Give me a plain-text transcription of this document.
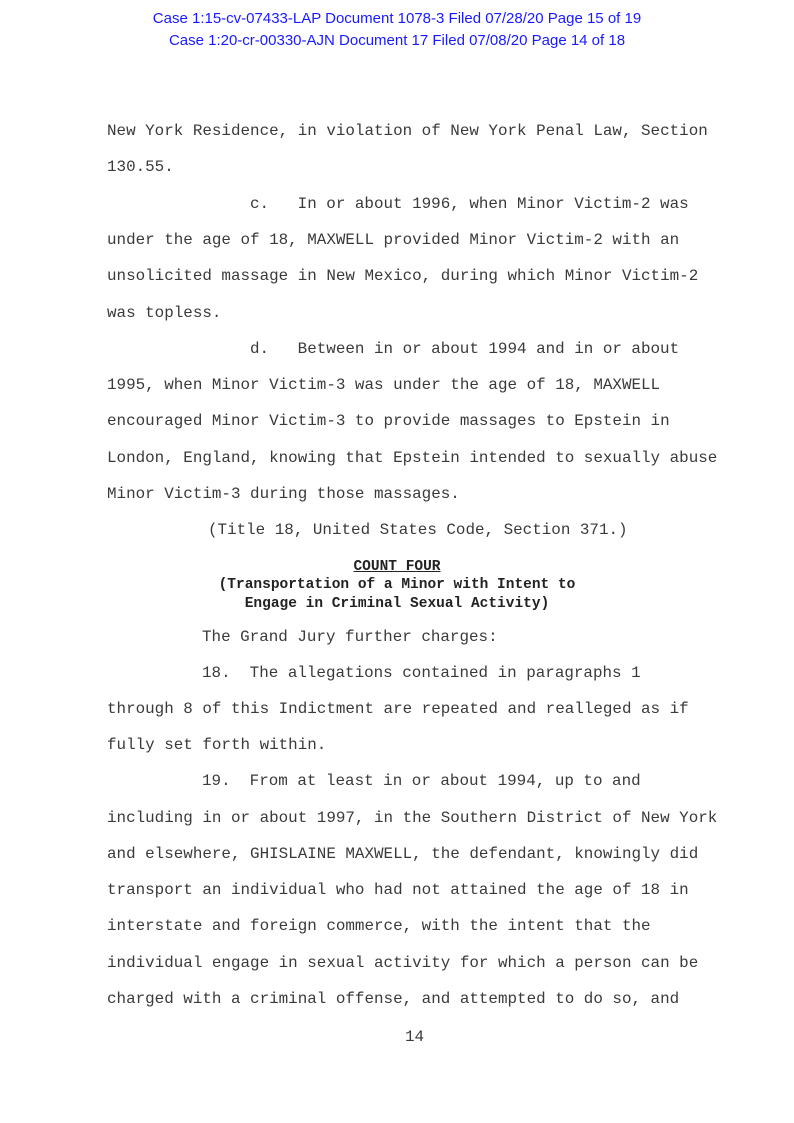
Case 1:15-cv-07433-LAP Document 1078-3 Filed 07/28/20 Page 15 of 19
Case 1:20-cr-00330-AJN Document 17 Filed 07/08/20 Page 14 of 18
New York Residence, in violation of New York Penal Law, Section
130.55.
c.   In or about 1996, when Minor Victim-2 was
under the age of 18, MAXWELL provided Minor Victim-2 with an
unsolicited massage in New Mexico, during which Minor Victim-2
was topless.
d.   Between in or about 1994 and in or about
1995, when Minor Victim-3 was under the age of 18, MAXWELL
encouraged Minor Victim-3 to provide massages to Epstein in
London, England, knowing that Epstein intended to sexually abuse
Minor Victim-3 during those massages.
(Title 18, United States Code, Section 371.)
COUNT FOUR
(Transportation of a Minor with Intent to
Engage in Criminal Sexual Activity)
The Grand Jury further charges:
18.  The allegations contained in paragraphs 1
through 8 of this Indictment are repeated and realleged as if
fully set forth within.
19.  From at least in or about 1994, up to and
including in or about 1997, in the Southern District of New York
and elsewhere, GHISLAINE MAXWELL, the defendant, knowingly did
transport an individual who had not attained the age of 18 in
interstate and foreign commerce, with the intent that the
individual engage in sexual activity for which a person can be
charged with a criminal offense, and attempted to do so, and
14
